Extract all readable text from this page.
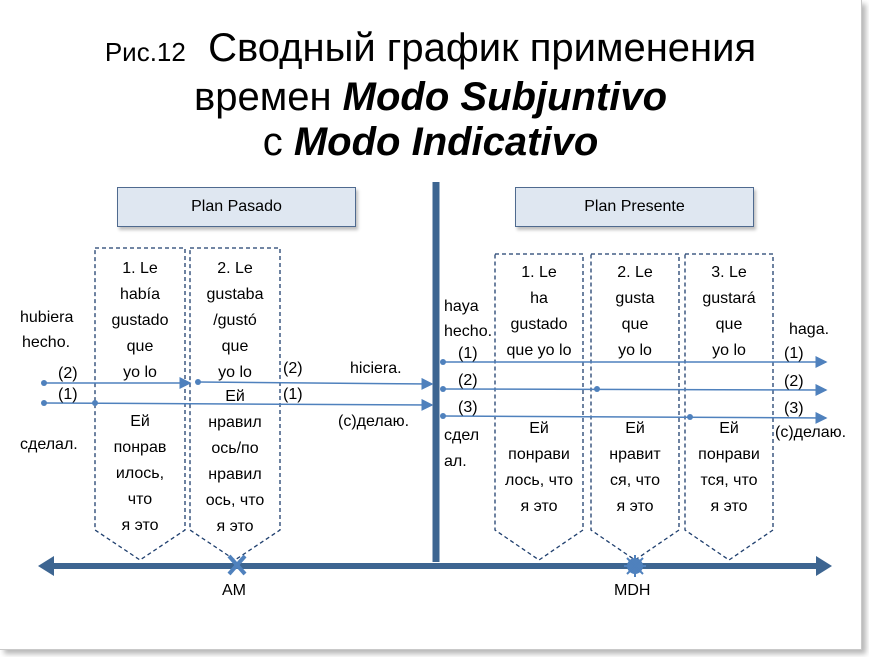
Рис.12 Сводный график применения
времен Modo Subjuntivo
с Modo Indicativo
Plan Pasado	Plan Presente
1. Le
había
gustado
que
yo lo
Ей
понрав
илось,
что
я это
2. Le
gustaba
/gustó
que
yo lo
Ей
нравил
ось/по
нравил
ось, что
я это
1. Le
ha
gustado
que yo lo
Ей
понрави
лось, что
я это
2. Le
gusta
que
yo lo
Ей
нравит
ся, что
я это
3. Le
gustará
que
yo lo
Ей
понрави
тся, что
я это
hubiera
hecho.
(2)
(1)
сделал.
(2)
(1)
hiciera.
(с)делаю.
haya
hecho.
(1)
(2)
(3)
сдел
ал.
haga.
(1)
(2)
(3)
(с)делаю.
AM	MDH
